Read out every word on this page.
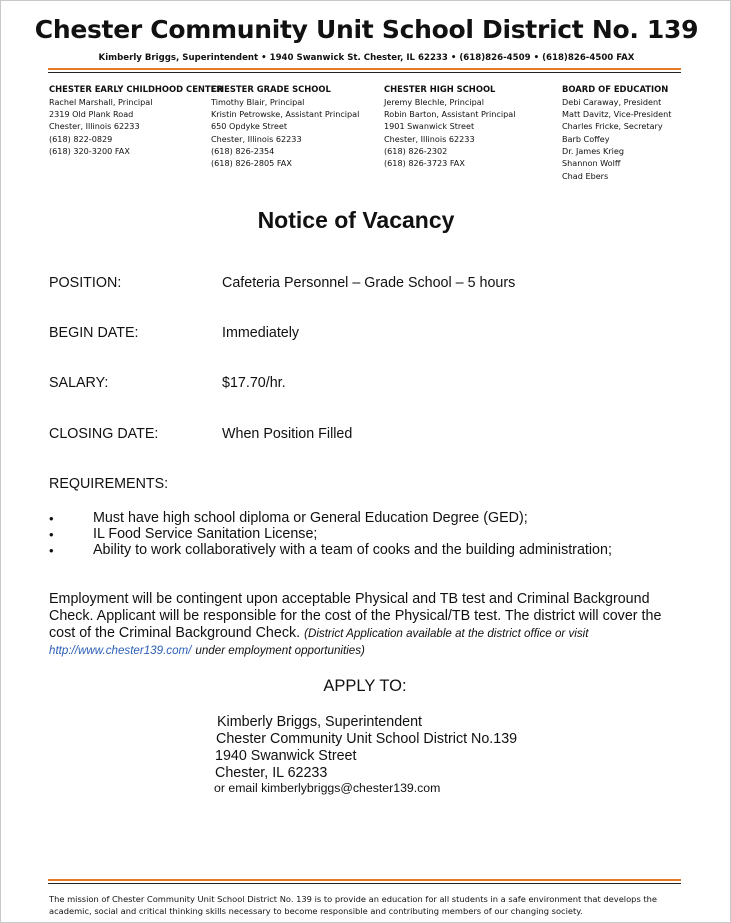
Chester Community Unit School District No. 139
Kimberly Briggs, Superintendent • 1940 Swanwick St. Chester, IL 62233 • (618)826-4509 • (618)826-4500 FAX
CHESTER EARLY CHILDHOOD CENTER
Rachel Marshall, Principal
2319 Old Plank Road
Chester, Illinois 62233
(618) 822-0829
(618) 320-3200 FAX
CHESTER GRADE SCHOOL
Timothy Blair, Principal
Kristin Petrowske, Assistant Principal
650 Opdyke Street
Chester, Illinois 62233
(618) 826-2354
(618) 826-2805 FAX
CHESTER HIGH SCHOOL
Jeremy Blechle, Principal
Robin Barton, Assistant Principal
1901 Swanwick Street
Chester, Illinois 62233
(618) 826-2302
(618) 826-3723 FAX
BOARD OF EDUCATION
Debi Caraway, President
Matt Davitz, Vice-President
Charles Fricke, Secretary
Barb Coffey
Dr. James Krieg
Shannon Wolff
Chad Ebers
Notice of Vacancy
POSITION:	Cafeteria Personnel – Grade School – 5 hours
BEGIN DATE:	Immediately
SALARY:	$17.70/hr.
CLOSING DATE:	When Position Filled
REQUIREMENTS:
•	Must have high school diploma or General Education Degree (GED);
•	IL Food Service Sanitation License;
•	Ability to work collaboratively with a team of cooks and the building administration;
Employment will be contingent upon acceptable Physical and TB test and Criminal Background Check. Applicant will be responsible for the cost of the Physical/TB test. The district will cover the cost of the Criminal Background Check. (District Application available at the district office or visit
http://www.chester139.com/ under employment opportunities)
APPLY TO:
Kimberly Briggs, Superintendent
Chester Community Unit School District No.139
1940 Swanwick Street
Chester, IL 62233
or email kimberlybriggs@chester139.com
The mission of Chester Community Unit School District No. 139 is to provide an education for all students in a safe environment that develops the academic, social and critical thinking skills necessary to become responsible and contributing members of our changing society.
